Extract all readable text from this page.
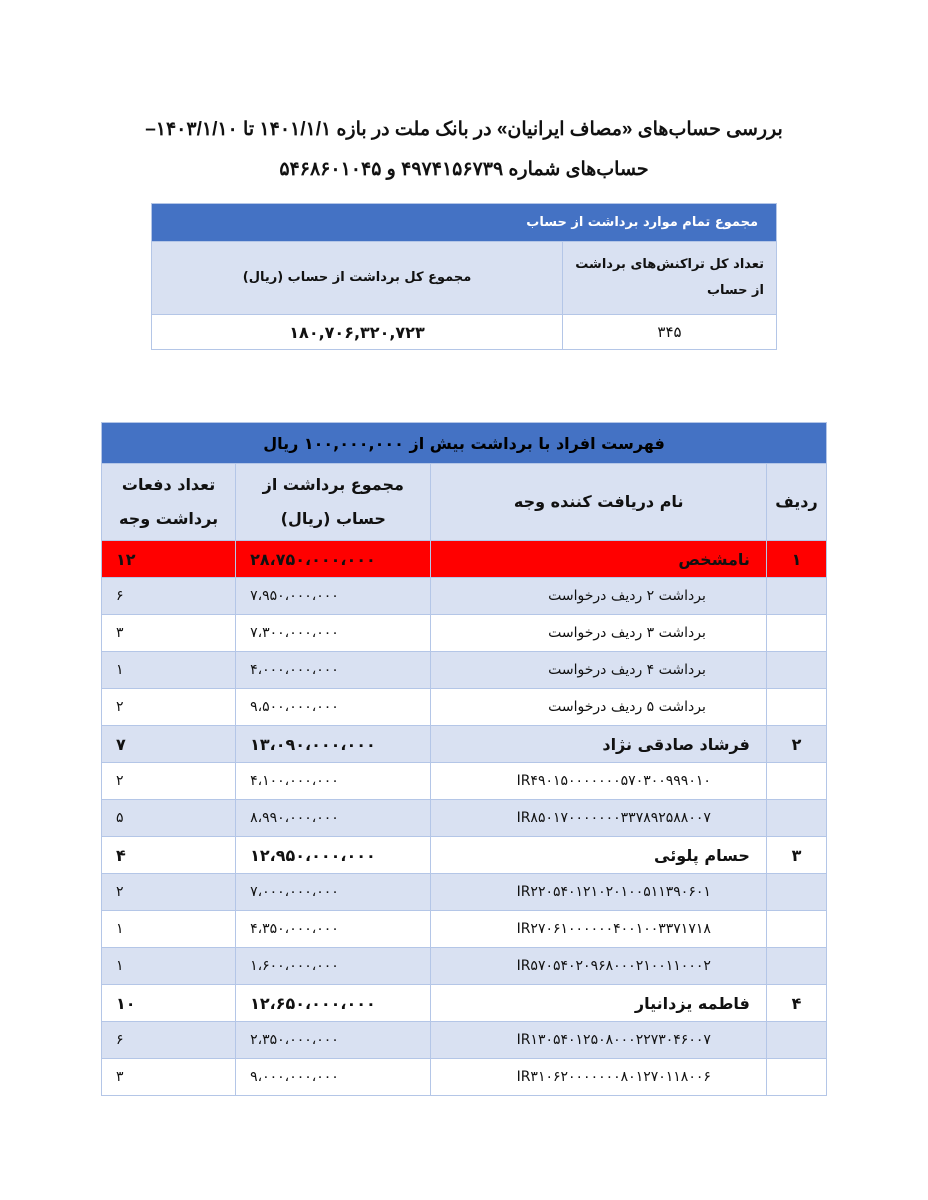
بررسی حساب‌های «مصاف ایرانیان» در بانک ملت در بازه ۱۴۰۱/۱/۱ تا ۱۴۰۳/۱/۱۰–
حساب‌های شماره ۴۹۷۴۱۵۶۷۳۹ و ۵۴۶۸۶۰۱۰۴۵
مجموع تمام موارد برداشت از حساب	
تعداد کل تراکنش‌های برداشت از حساب	مجموع کل برداشت از حساب (ریال)
۳۴۵	۱۸۰,۷۰۶,۳۲۰,۷۲۳
فهرست افراد با برداشت بیش از ۱۰۰,۰۰۰,۰۰۰ ریال			
ردیف	نام دریافت کننده وجه	مجموع برداشت از حساب (ریال)	تعداد دفعات برداشت وجه
۱	نامشخص	۲۸،۷۵۰،۰۰۰،۰۰۰	۱۲
	برداشت ۲ ردیف درخواست	۷،۹۵۰،۰۰۰،۰۰۰	۶
	برداشت ۳ ردیف درخواست	۷،۳۰۰،۰۰۰،۰۰۰	۳
	برداشت ۴ ردیف درخواست	۴،۰۰۰،۰۰۰،۰۰۰	۱
	برداشت ۵ ردیف درخواست	۹،۵۰۰،۰۰۰،۰۰۰	۲
۲	فرشاد صادقی نژاد	۱۳،۰۹۰،۰۰۰،۰۰۰	۷
	IR۴۹۰۱۵۰۰۰۰۰۰۰۵۷۰۳۰۰۹۹۹۰۱۰	۴،۱۰۰،۰۰۰،۰۰۰	۲
	IR۸۵۰۱۷۰۰۰۰۰۰۰۳۳۷۸۹۲۵۸۸۰۰۷	۸،۹۹۰،۰۰۰،۰۰۰	۵
۳	حسام پلوئی	۱۲،۹۵۰،۰۰۰،۰۰۰	۴
	IR۲۲۰۵۴۰۱۲۱۰۲۰۱۰۰۵۱۱۳۹۰۶۰۱	۷،۰۰۰،۰۰۰،۰۰۰	۲
	IR۲۷۰۶۱۰۰۰۰۰۰۴۰۰۱۰۰۳۳۷۱۷۱۸	۴،۳۵۰،۰۰۰،۰۰۰	۱
	IR۵۷۰۵۴۰۲۰۹۶۸۰۰۰۲۱۰۰۱۱۰۰۰۲	۱،۶۰۰،۰۰۰،۰۰۰	۱
۴	فاطمه یزدانیار	۱۲،۶۵۰،۰۰۰،۰۰۰	۱۰
	IR۱۳۰۵۴۰۱۲۵۰۸۰۰۰۲۲۷۳۰۴۶۰۰۷	۲،۳۵۰،۰۰۰،۰۰۰	۶
	IR۳۱۰۶۲۰۰۰۰۰۰۰۸۰۱۲۷۰۱۱۸۰۰۶	۹،۰۰۰،۰۰۰،۰۰۰	۳
